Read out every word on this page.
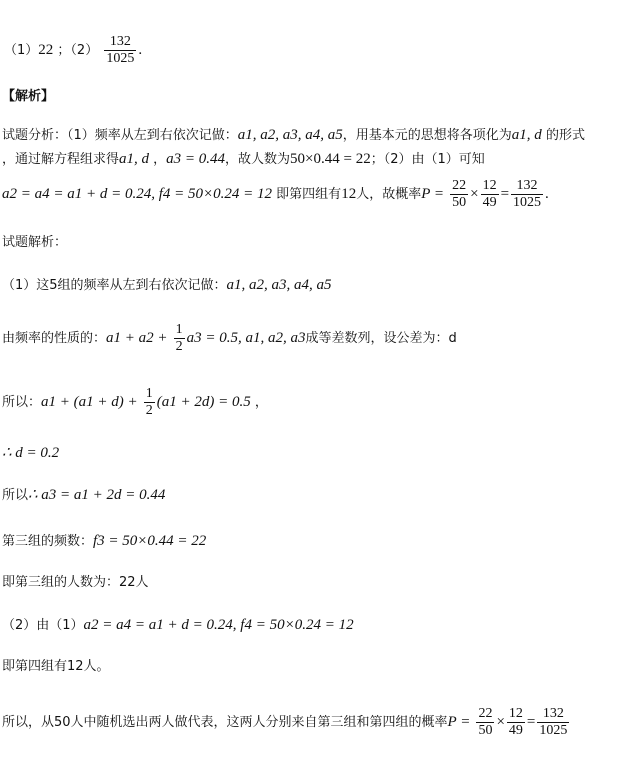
（1）22 ；$(2) \frac{132}{1025}$ .
【解析】
试题分析：（1）频率从左到右依次记做：a1, a2, a3, a4, a5，用基本元的思想将各项化为a1, d 的形式
，通过解方程组求得a1, d ，a3 = 0.44，故人数为50×0.44 = 22；（2）由（1）可知
a2 = a4 = a1 + d = 0.24, f4 = 50×0.24 = 12 即第四组有12人，故概率$P = \frac{22}{50} \times \frac{12}{49} = \frac{132}{1025}$ .
试题解析：
（1）这5组的频率从左到右依次记做：a1, a2, a3, a4, a5
由频率的性质的：$a1 + a2 + \frac{1}{2} a3 = 0.5$, a1, a2, a3成等差数列，设公差为：d
所以：$a1 + (a1 + d) + \frac{1}{2} (a1 + 2d) = 0.5$ ，
∴ d = 0.2
所以∴ a3 = a1 + 2d = 0.44
第三组的频数：f3 = 50×0.44 = 22
即第三组的人数为：22人
（2）由（1）a2 = a4 = a1 + d = 0.24, f4 = 50×0.24 = 12
即第四组有12人。
所以，从50人中随机选出两人做代表，这两人分别来自第三组和第四组的概率$P = \frac{22}{50} \times \frac{12}{49} = \frac{132}{1025}$
